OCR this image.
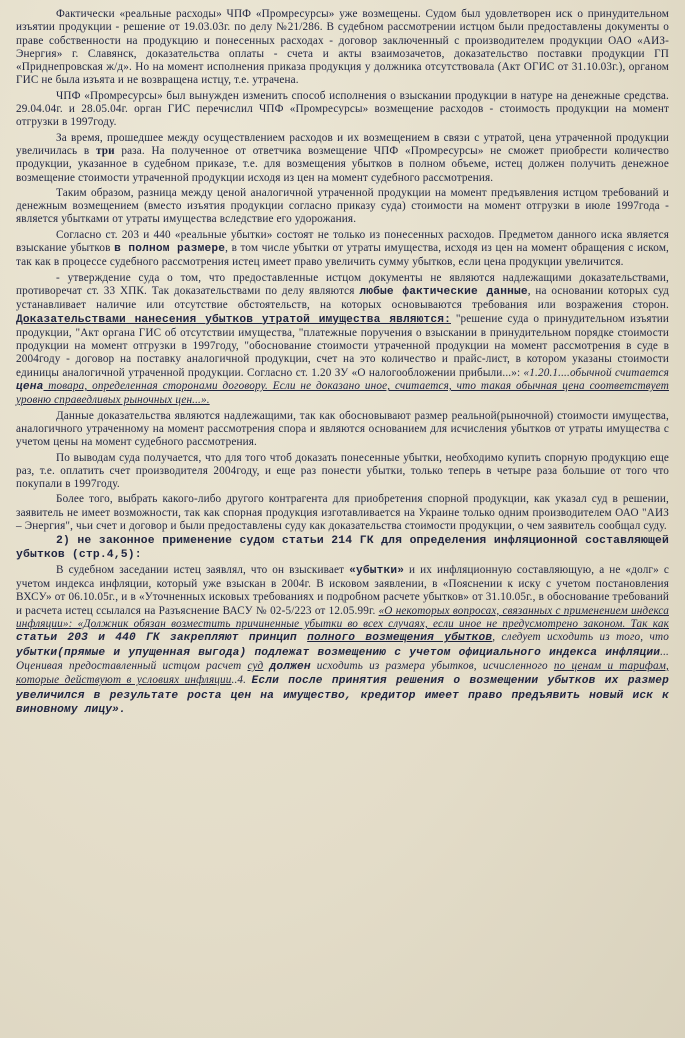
Фактически «реальные расходы» ЧПФ «Промресурсы» уже возмещены. Судом был удовлетворен иск о принудительном изъятии продукции - решение от 19.03.03г. по делу №21/286. В судебном рассмотрении истцом были предоставлены документы о праве собственности на продукцию и понесенных расходах - договор заключенный с производителем продукции ОАО «АИЗ-Энергия» г. Славянск, доказательства оплаты - счета и акты взаимозачетов, доказательство поставки продукции ГП «Приднепровская ж/д». Но на момент исполнения приказа продукция у должника отсутствовала (Акт ОГИС от 31.10.03г.), органом ГИС не была изъята и не возвращена истцу, т.е. утрачена.

ЧПФ «Промресурсы» был вынужден изменить способ исполнения о взыскании продукции в натуре на денежные средства. 29.04.04г. и 28.05.04г. орган ГИС перечислил ЧПФ «Промресурсы» возмещение расходов - стоимость продукции на момент отгрузки в 1997году.

За время, прошедшее между осуществлением расходов и их возмещением в связи с утратой, цена утраченной продукции увеличилась в три раза. На полученное от ответчика возмещение ЧПФ «Промресурсы» не сможет приобрести количество продукции, указанное в судебном приказе, т.е. для возмещения убытков в полном объеме, истец должен получить денежное возмещение стоимости утраченной продукции исходя из цен на момент судебного рассмотрения.

Таким образом, разница между ценой аналогичной утраченной продукции на момент предъявления истцом требований и денежным возмещением (вместо изъятия продукции согласно приказу суда) стоимости на момент отгрузки в июле 1997года - является убытками от утраты имущества вследствие его удорожания.

Согласно ст. 203 и 440 «реальные убытки» состоят не только из понесенных расходов. Предметом данного иска является взыскание убытков в полном размере, в том числе убытки от утраты имущества, исходя из цен на момент обращения с иском, так как в процессе судебного рассмотрения истец имеет право увеличить сумму убытков, если цена продукции увеличится.

- утверждение суда о том, что предоставленные истцом документы не являются надлежащими доказательствами, противоречат ст. 33 ХПК. Так доказательствами по делу являются любые фактические данные, на основании которых суд устанавливает наличие или отсутствие обстоятельств, на которых основываются требования или возражения сторон. Доказательствами нанесения убытков утратой имущества являются: "решение суда о принудительном изъятии продукции, "Акт органа ГИС об отсутствии имущества, "платежные поручения о взыскании в принудительном порядке стоимости продукции на момент отгрузки в 1997году, "обоснование стоимости утраченной продукции на момент рассмотрения в суде в 2004году - договор на поставку аналогичной продукции, счет на это количество и прайс-лист, в котором указаны стоимости единицы аналогичной утраченной продукции. Согласно ст. 1.20 ЗУ «О налогообложении прибыли...»: «1.20.1....обычной считается цена товара, определенная сторонами договору. Если не доказано иное, считается, что такая обычная цена соответствует уровню справедливых рыночных цен...».

Данные доказательства являются надлежащими, так как обосновывают размер реальной(рыночной) стоимости имущества, аналогичного утраченному на момент рассмотрения спора и являются основанием для исчисления убытков от утраты имущества с учетом цены на момент судебного рассмотрения.

По выводам суда получается, что для того чтоб доказать понесенные убытки, необходимо купить спорную продукцию еще раз, т.е. оплатить счет производителя 2004году, и еще раз понести убытки, только теперь в четыре раза большие от того что покупали в 1997году.

Более того, выбрать какого-либо другого контрагента для приобретения спорной продукции, как указал суд в решении, заявитель не имеет возможности, так как спорная продукция изготавливается на Украине только одним производителем ОАО "АИЗ – Энергия", чьи счет и договор и были предоставлены суду как доказательства стоимости продукции, о чем заявитель сообщал суду.

2) не законное применение судом статьи 214 ГК для определения инфляционной составляющей убытков (стр.4,5):

В судебном заседании истец заявлял, что он взыскивает «убытки» и их инфляционную составляющую, а не «долг» с учетом индекса инфляции, который уже взыскан в 2004г. В исковом заявлении, в «Пояснении к иску с учетом постановления ВХСУ» от 06.10.05г., и в «Уточненных исковых требованиях и подробном расчете убытков» от 31.10.05г., в обоснование требований и расчета истец ссылался на Разъяснение ВАСУ № 02-5/223 от 12.05.99г. «О некоторых вопросах, связанных с применением индекса инфляции»: «Должник обязан возместить причиненные убытки во всех случаях, если иное не предусмотрено законом. Так как статьи 203 и 440 ГК закрепляют принцип полного возмещения убытков, следует исходить из того, что убытки(прямые и упущенная выгода) подлежат возмещению с учетом официального индекса инфляции... Оценивая предоставленный истцом расчет суд должен исходить из размера убытков, исчисленного по ценам и тарифам, которые действуют в условиях инфляции..4. Если после принятия решения о возмещении убытков их размер увеличился в результате роста цен на имущество, кредитор имеет право предъявить новый иск к виновному лицу».
